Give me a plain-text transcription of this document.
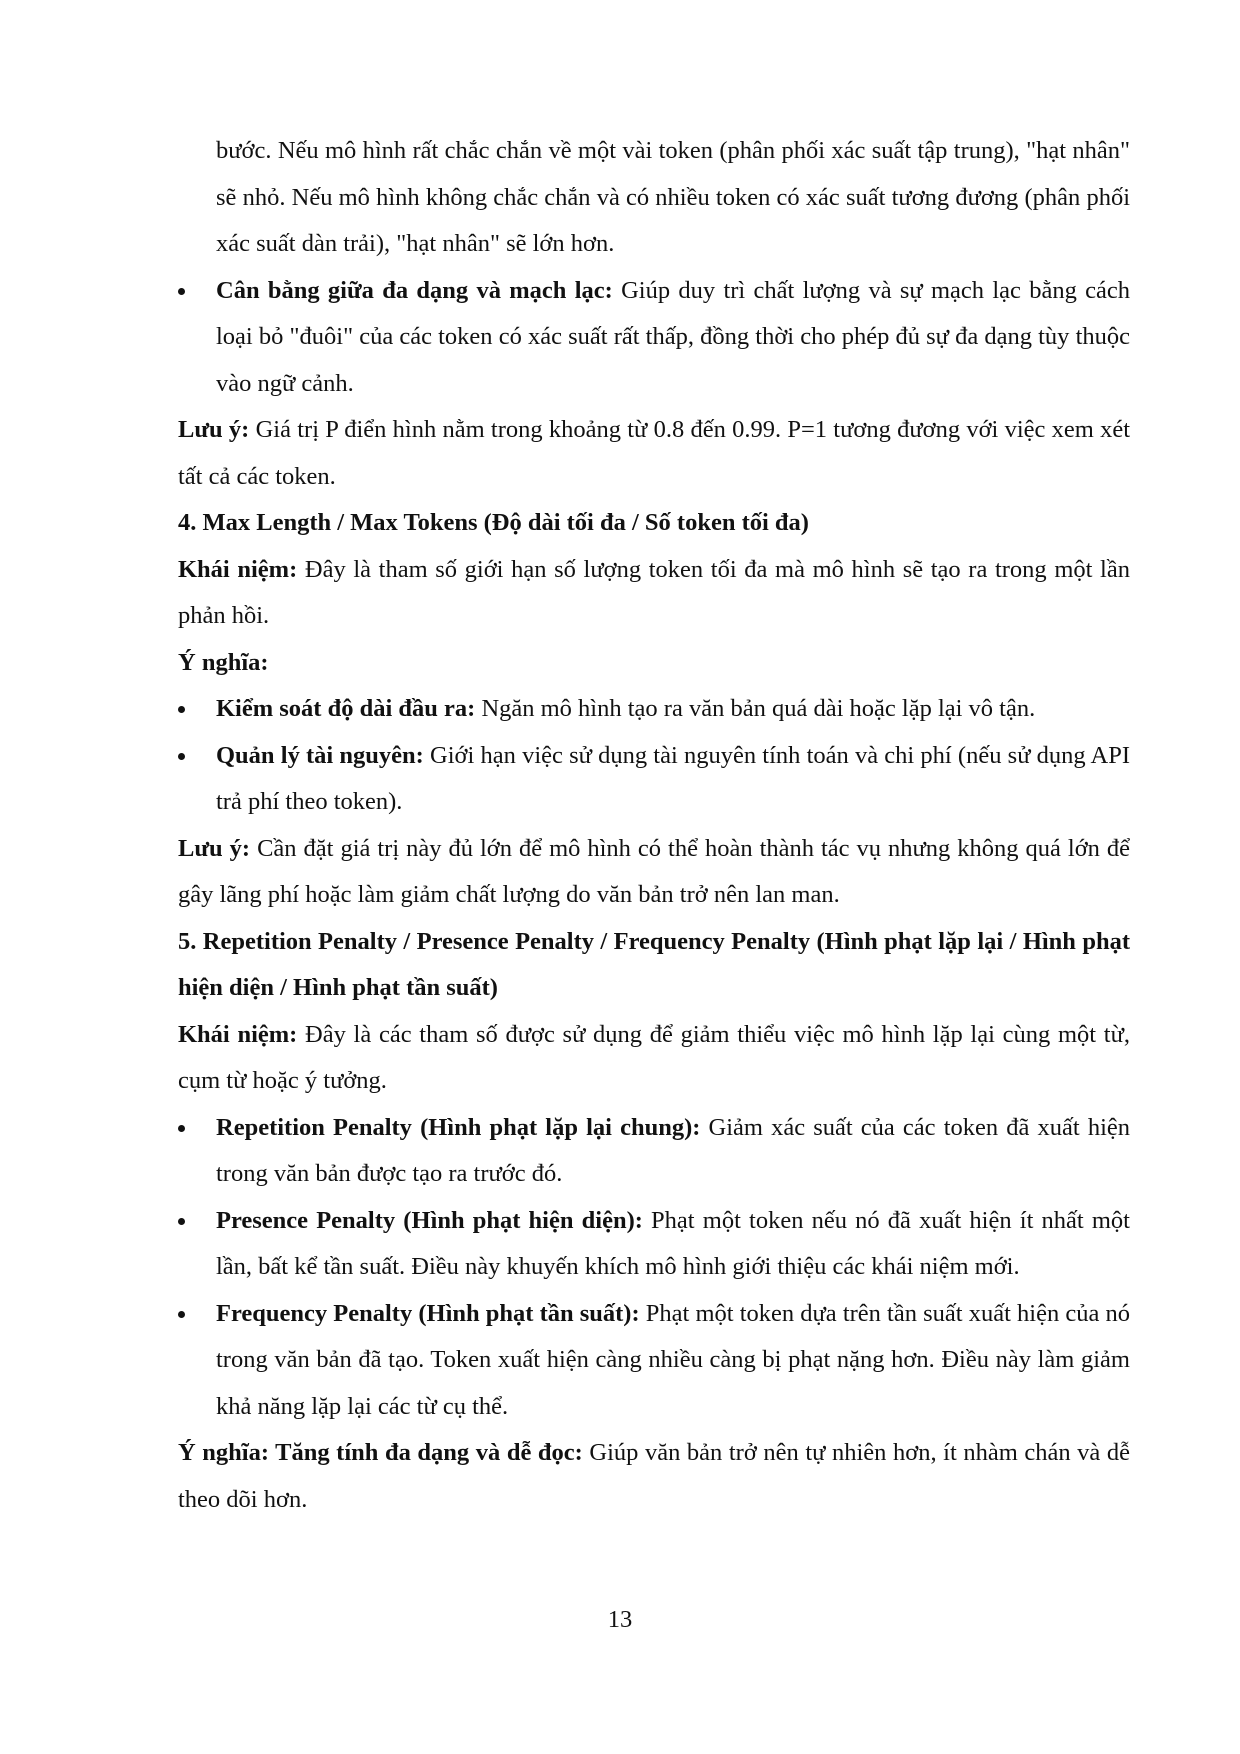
bước. Nếu mô hình rất chắc chắn về một vài token (phân phối xác suất tập trung), "hạt nhân" sẽ nhỏ. Nếu mô hình không chắc chắn và có nhiều token có xác suất tương đương (phân phối xác suất dàn trải), "hạt nhân" sẽ lớn hơn.

Cân bằng giữa đa dạng và mạch lạc: Giúp duy trì chất lượng và sự mạch lạc bằng cách loại bỏ "đuôi" của các token có xác suất rất thấp, đồng thời cho phép đủ sự đa dạng tùy thuộc vào ngữ cảnh.

Lưu ý: Giá trị P điển hình nằm trong khoảng từ 0.8 đến 0.99. P=1 tương đương với việc xem xét tất cả các token.

4. Max Length / Max Tokens (Độ dài tối đa / Số token tối đa)

Khái niệm: Đây là tham số giới hạn số lượng token tối đa mà mô hình sẽ tạo ra trong một lần phản hồi.

Ý nghĩa:

Kiểm soát độ dài đầu ra: Ngăn mô hình tạo ra văn bản quá dài hoặc lặp lại vô tận.
Quản lý tài nguyên: Giới hạn việc sử dụng tài nguyên tính toán và chi phí (nếu sử dụng API trả phí theo token).

Lưu ý: Cần đặt giá trị này đủ lớn để mô hình có thể hoàn thành tác vụ nhưng không quá lớn để gây lãng phí hoặc làm giảm chất lượng do văn bản trở nên lan man.

5. Repetition Penalty / Presence Penalty / Frequency Penalty (Hình phạt lặp lại / Hình phạt hiện diện / Hình phạt tần suất)

Khái niệm: Đây là các tham số được sử dụng để giảm thiểu việc mô hình lặp lại cùng một từ, cụm từ hoặc ý tưởng.

Repetition Penalty (Hình phạt lặp lại chung): Giảm xác suất của các token đã xuất hiện trong văn bản được tạo ra trước đó.
Presence Penalty (Hình phạt hiện diện): Phạt một token nếu nó đã xuất hiện ít nhất một lần, bất kể tần suất. Điều này khuyến khích mô hình giới thiệu các khái niệm mới.
Frequency Penalty (Hình phạt tần suất): Phạt một token dựa trên tần suất xuất hiện của nó trong văn bản đã tạo. Token xuất hiện càng nhiều càng bị phạt nặng hơn. Điều này làm giảm khả năng lặp lại các từ cụ thể.

Ý nghĩa: Tăng tính đa dạng và dễ đọc: Giúp văn bản trở nên tự nhiên hơn, ít nhàm chán và dễ theo dõi hơn.

13
